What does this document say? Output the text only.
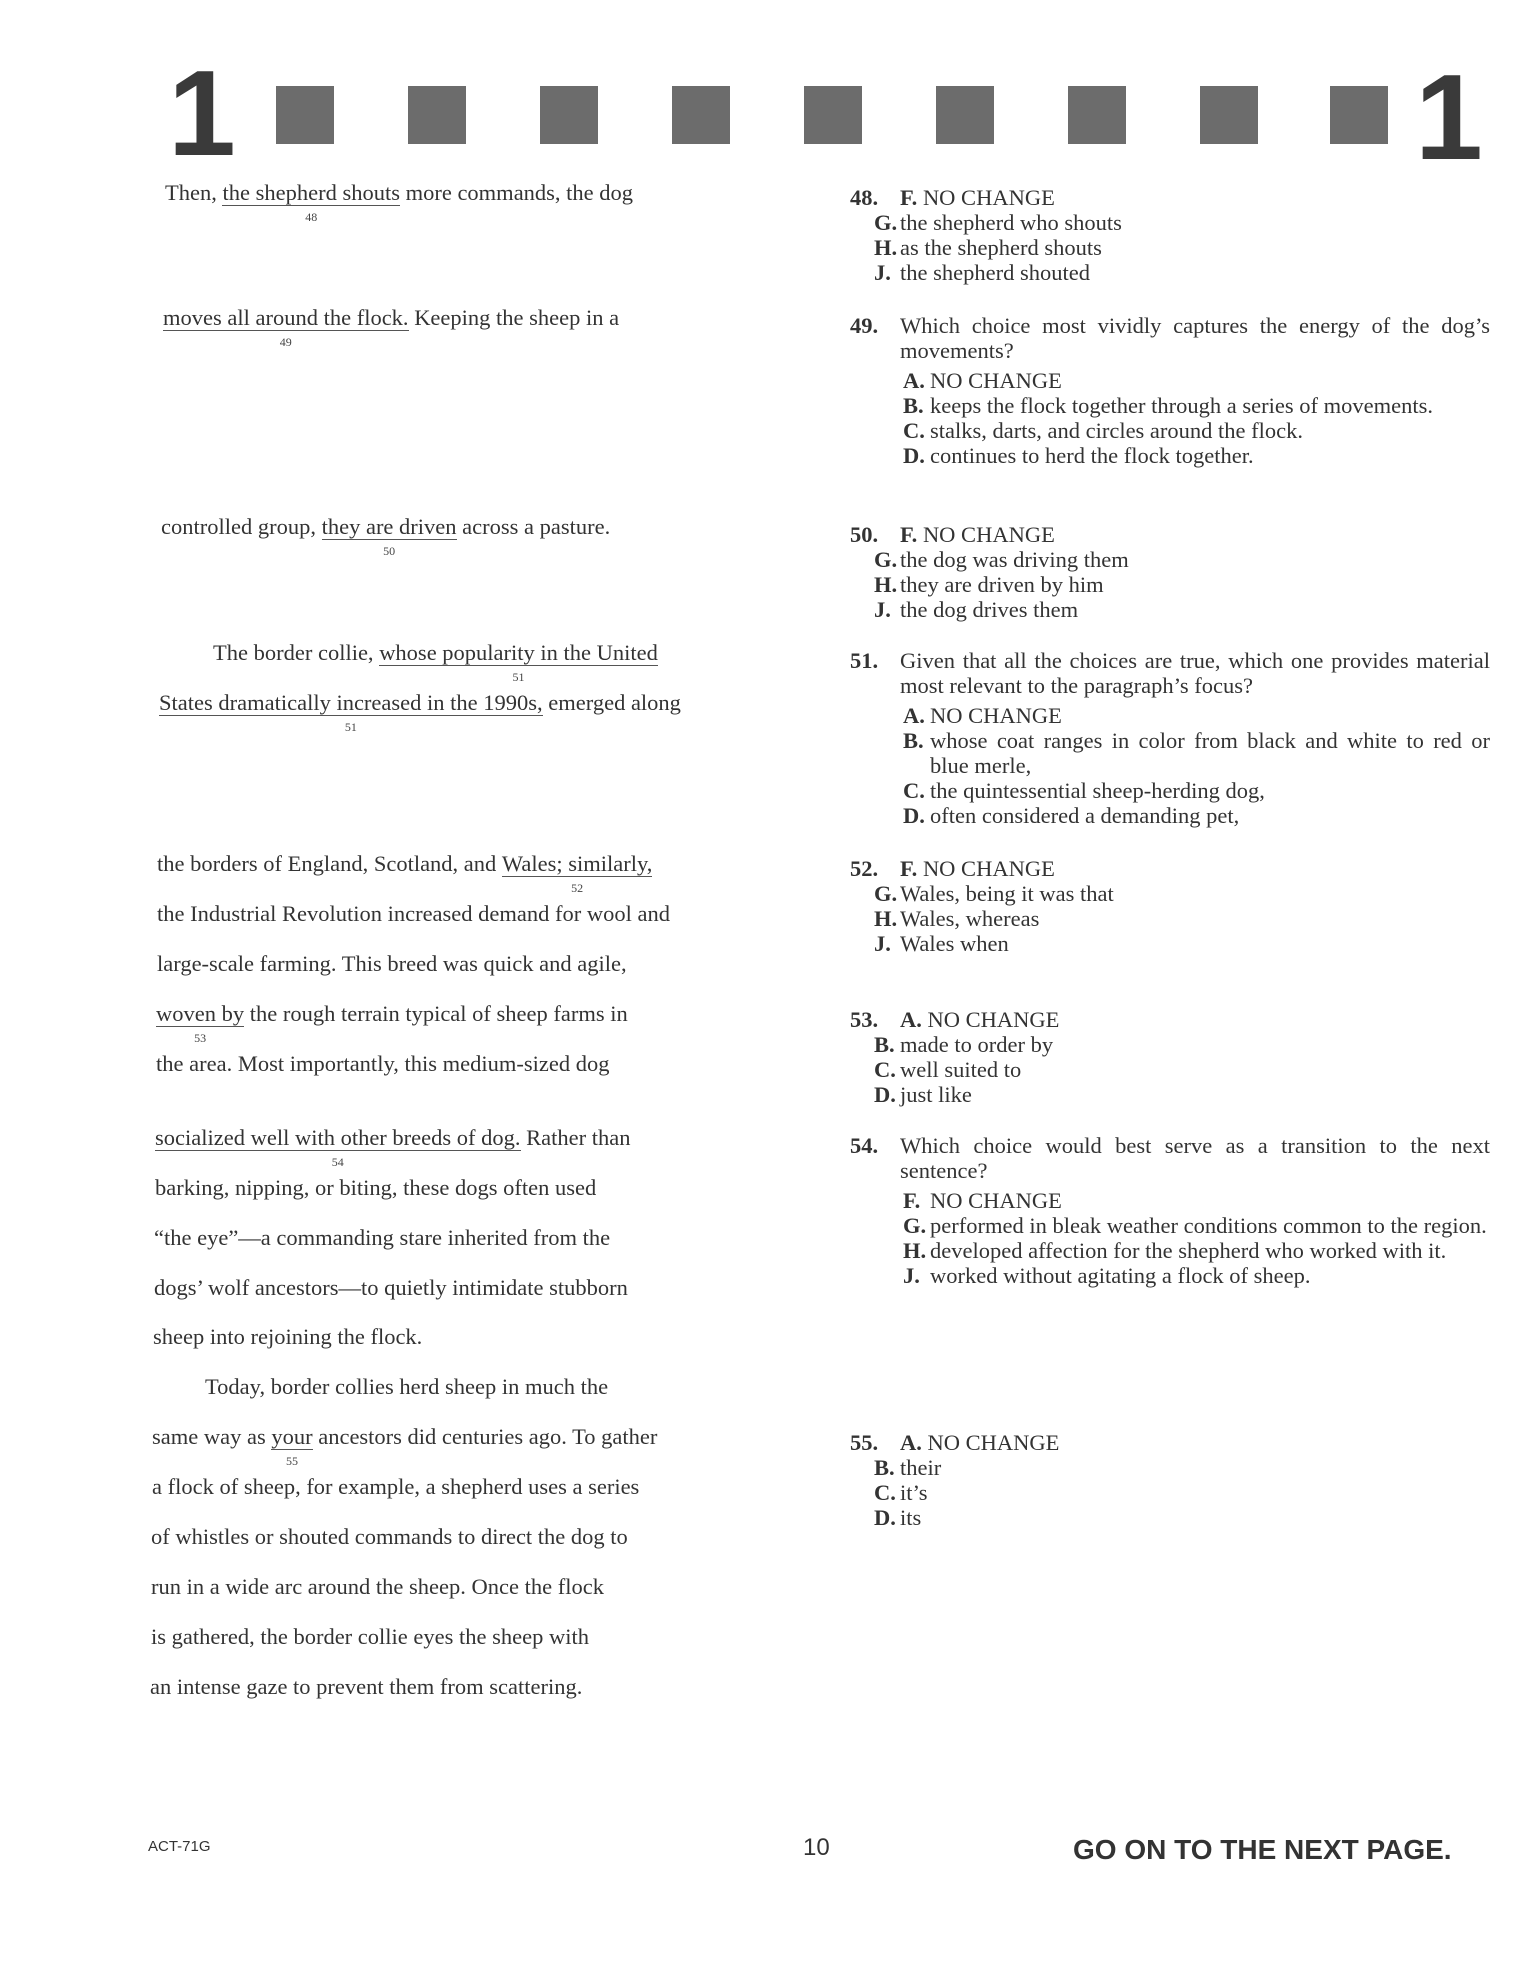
1	1
Then, the shepherd shouts
48
more commands, the dog
moves all around the flock.
49
Keeping the sheep in a
controlled group, they are driven
50
across a pasture.
The border collie, whose popularity in the United
51
States dramatically increased in the 1990s,
51
emerged along
the borders of England, Scotland, and Wales; similarly,
52
the Industrial Revolution increased demand for wool and
large-scale farming. This breed was quick and agile,
woven by
53
the rough terrain typical of sheep farms in
the area. Most importantly, this medium-sized dog
socialized well with other breeds of dog.
54
Rather than
barking, nipping, or biting, these dogs often used
“the eye”—a commanding stare inherited from the
dogs’ wolf ancestors—to quietly intimidate stubborn
sheep into rejoining the flock.
Today, border collies herd sheep in much the
same way as your
55
ancestors did centuries ago. To gather
a flock of sheep, for example, a shepherd uses a series
of whistles or shouted commands to direct the dog to
run in a wide arc around the sheep. Once the flock
is gathered, the border collie eyes the sheep with
an intense gaze to prevent them from scattering.
48. F. NO CHANGE
G. the shepherd who shouts
H. as the shepherd shouts
J. the shepherd shouted
49. Which choice most vividly captures the energy of the dog’s movements?
A. NO CHANGE
B. keeps the flock together through a series of movements.
C. stalks, darts, and circles around the flock.
D. continues to herd the flock together.
50. F. NO CHANGE
G. the dog was driving them
H. they are driven by him
J. the dog drives them
51. Given that all the choices are true, which one provides material most relevant to the paragraph’s focus?
A. NO CHANGE
B. whose coat ranges in color from black and white to red or blue merle,
C. the quintessential sheep-herding dog,
D. often considered a demanding pet,
52. F. NO CHANGE
G. Wales, being it was that
H. Wales, whereas
J. Wales when
53. A. NO CHANGE
B. made to order by
C. well suited to
D. just like
54. Which choice would best serve as a transition to the next sentence?
F. NO CHANGE
G. performed in bleak weather conditions common to the region.
H. developed affection for the shepherd who worked with it.
J. worked without agitating a flock of sheep.
55. A. NO CHANGE
B. their
C. it’s
D. its
ACT-71G	10	GO ON TO THE NEXT PAGE.
